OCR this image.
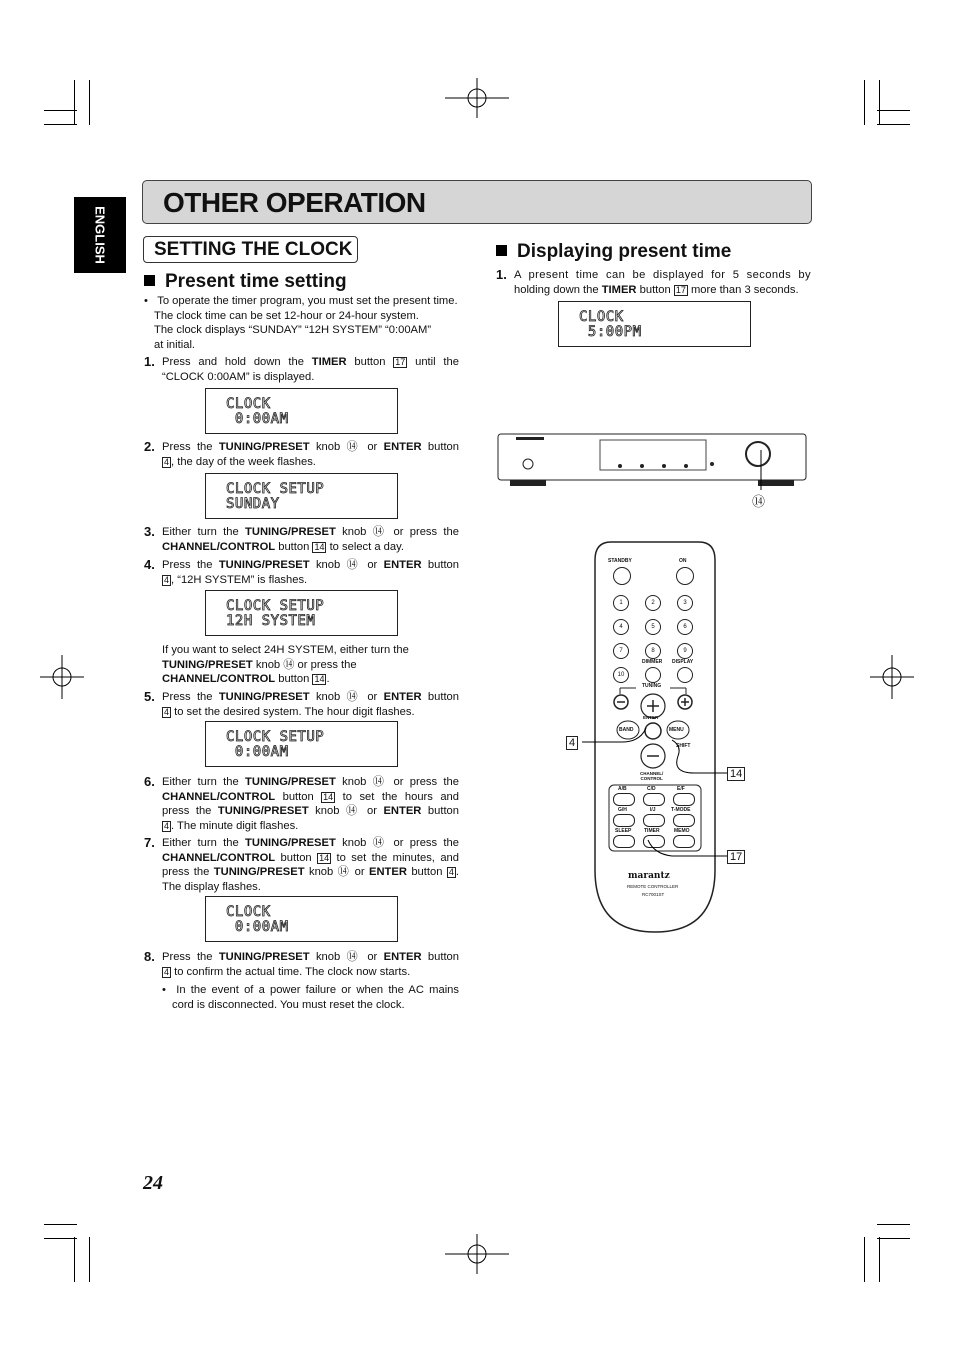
ENGLISH
OTHER OPERATION
SETTING THE CLOCK
Present time setting
•   To operate the timer program, you must set the present time.
The clock time can be set 12-hour or 24-hour system.
The clock displays “SUNDAY” “12H SYSTEM” “0:00AM”
at initial.
1. Press and hold down the TIMER button 17 until the
“CLOCK 0:00AM” is displayed.
CLOCK
0:00AM
2. Press the TUNING/PRESET knob ⑭ or ENTER button
4 , the day of the week flashes.
CLOCK SETUP
SUNDAY
3. Either turn the TUNING/PRESET knob ⑭ or press the
CHANNEL/CONTROL button 14 to select a day.
4. Press the TUNING/PRESET knob ⑭ or ENTER button
4 , “12H SYSTEM” is flashes.
CLOCK SETUP
12H SYSTEM
If you want to select 24H SYSTEM, either turn the
TUNING/PRESET knob ⑭ or press the
CHANNEL/CONTROL button 14 .
5. Press the TUNING/PRESET knob ⑭ or ENTER button
4 to set the desired system. The hour digit flashes.
CLOCK SETUP
0:00AM
6. Either turn the TUNING/PRESET knob ⑭ or press the
CHANNEL/CONTROL button 14 to set the hours and
press the TUNING/PRESET knob ⑭ or ENTER button
4 . The minute digit flashes.
7. Either turn the TUNING/PRESET knob ⑭ or press the
CHANNEL/CONTROL button 14 to set the minutes, and
press the TUNING/PRESET knob ⑭ or ENTER button 4 .
The display flashes.
CLOCK
0:00AM
8. Press the TUNING/PRESET knob ⑭ or ENTER button
4 to confirm the actual time. The clock now starts.
•  In the event of a power failure or when the AC mains
cord is disconnected. You must reset the clock.
Displaying present time
1. A present time can be displayed for 5 seconds by
holding down the TIMER button 17 more than 3 seconds.
CLOCK
5:00PM
⑭
STANDBY	ON
1	2	3
4	5	6
7	8	9
DIMMER DISPLAY
10
TUNING
BAND	MENU
ENTER
SHIFT
CHANNEL/
CONTROL
A/B	C/D	E/F
G/H	I/J	T-MODE
SLEEP	TIMER	MEMO
marantz
REMOTE CONTROLLER
RC7001ST
4
14
17
24
